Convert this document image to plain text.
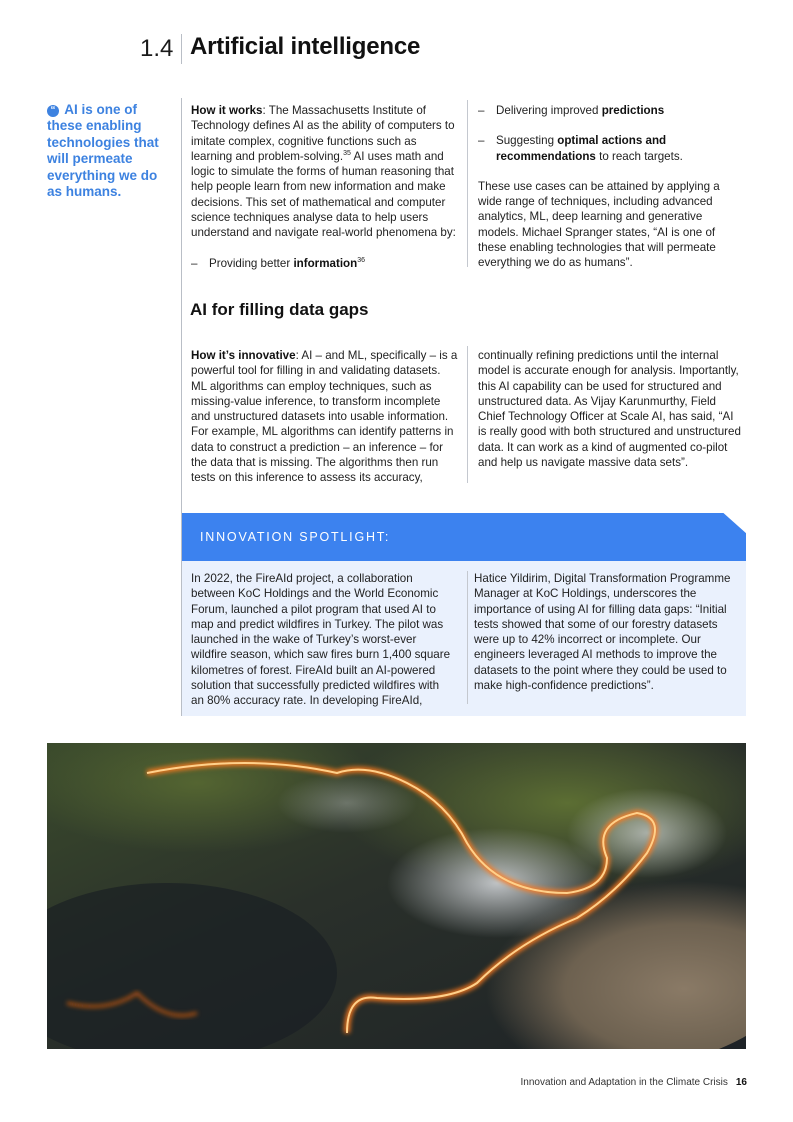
1.4 Artificial intelligence
“ AI is one of these enabling technologies that will permeate everything we do as humans.

How it works: The Massachusetts Institute of Technology defines AI as the ability of computers to imitate complex, cognitive functions such as learning and problem-solving.$^{35}$ AI uses math and logic to simulate the forms of human reasoning that help people learn from new information and make decisions. This set of mathematical and computer science techniques analyse data to help users understand and navigate real-world phenomena by:

– Providing better information$^{36}$

– Delivering improved predictions

– Suggesting optimal actions and recommendations to reach targets.

These use cases can be attained by applying a wide range of techniques, including advanced analytics, ML, deep learning and generative models. Michael Spranger states, “AI is one of these enabling technologies that will permeate everything we do as humans”.

AI for filling data gaps

How it’s innovative: AI – and ML, specifically – is a powerful tool for filling in and validating datasets. ML algorithms can employ techniques, such as missing-value inference, to transform incomplete and unstructured datasets into usable information. For example, ML algorithms can identify patterns in data to construct a prediction – an inference – for the data that is missing. The algorithms then run tests on this inference to assess its accuracy,

continually refining predictions until the internal model is accurate enough for analysis. Importantly, this AI capability can be used for structured and unstructured data. As Vijay Karunmurthy, Field Chief Technology Officer at Scale AI, has said, “AI is really good with both structured and unstructured data. It can work as a kind of augmented co-pilot and help us navigate massive data sets”.

INNOVATION SPOTLIGHT:

In 2022, the FireAId project, a collaboration between KoC Holdings and the World Economic Forum, launched a pilot program that used AI to map and predict wildfires in Turkey. The pilot was launched in the wake of Turkey’s worst-ever wildfire season, which saw fires burn 1,400 square kilometres of forest. FireAId built an AI-powered solution that successfully predicted wildfires with an 80% accuracy rate. In developing FireAId,

Hatice Yildirim, Digital Transformation Programme Manager at KoC Holdings, underscores the importance of using AI for filling data gaps: “Initial tests showed that some of our forestry datasets were up to 42% incorrect or incomplete. Our engineers leveraged AI methods to improve the datasets to the point where they could be used to make high-confidence predictions”.

Innovation and Adaptation in the Climate Crisis 16
